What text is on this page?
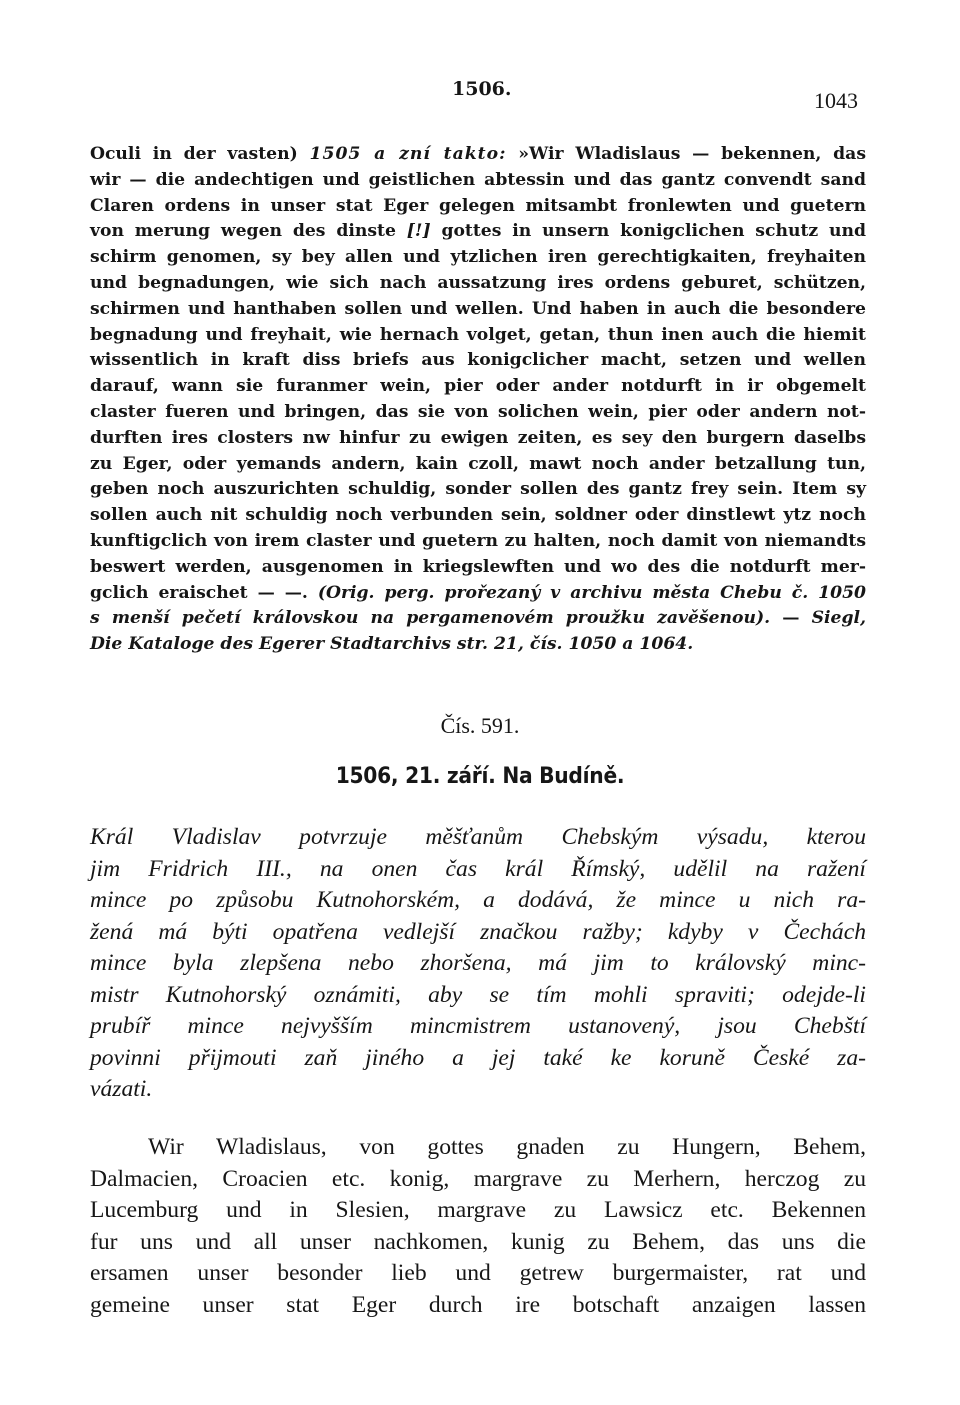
1506.	1043
Oculi in der vasten) 1505 a zní takto: »Wir Wladislaus — bekennen, das
wir — die andechtigen und geistlichen abtessin und das gantz convendt sand
Claren ordens in unser stat Eger gelegen mitsambt fronlewten und guetern
von merung wegen des dinste [!] gottes in unsern konigclichen schutz und
schirm genomen, sy bey allen und ytzlichen iren gerechtigkaiten, freyhaiten
und begnadungen, wie sich nach aussatzung ires ordens geburet, schützen,
schirmen und hanthaben sollen und wellen. Und haben in auch die besondere
begnadung und freyhait, wie hernach volget, getan, thun inen auch die hiemit
wissentlich in kraft diss briefs aus konigclicher macht, setzen und wellen
darauf, wann sie furanmer wein, pier oder ander notdurft in ir obgemelt
claster fueren und bringen, das sie von solichen wein, pier oder andern not-
durften ires closters nw hinfur zu ewigen zeiten, es sey den burgern daselbs
zu Eger, oder yemands andern, kain czoll, mawt noch ander betzallung tun,
geben noch auszurichten schuldig, sonder sollen des gantz frey sein. Item sy
sollen auch nit schuldig noch verbunden sein, soldner oder dinstlewt ytz noch
kunftigclich von irem claster und guetern zu halten, noch damit von niemandts
beswert werden, ausgenomen in kriegslewften und wo des die notdurft mer-
gclich eraischet — —. (Orig. perg. prořezaný v archivu města Chebu č. 1050
s menší pečetí královskou na pergamenovém proužku zavěšenou). — Siegl,
Die Kataloge des Egerer Stadtarchivs str. 21, čís. 1050 a 1064.
Čís. 591.
1506, 21. září. Na Budíně.
Král Vladislav potvrzuje měšťanům Chebským výsadu, kterou
jim Fridrich III., na onen čas král Římský, udělil na ražení
mince po způsobu Kutnohorském, a dodává, že mince u nich ra-
žená má býti opatřena vedlejší značkou ražby; kdyby v Čechách
mince byla zlepšena nebo zhoršena, má jim to královský minc-
mistr Kutnohorský oznámiti, aby se tím mohli spraviti; odejde-li
prubíř mince nejvyšším mincmistrem ustanovený, jsou Chebští
povinni přijmouti zaň jiného a jej také ke koruně České za-
vázati.
Wir Wladislaus, von gottes gnaden zu Hungern, Behem,
Dalmacien, Croacien etc. konig, margrave zu Merhern, herczog zu
Lucemburg und in Slesien, margrave zu Lawsicz etc. Bekennen
fur uns und all unser nachkomen, kunig zu Behem, das uns die
ersamen unser besonder lieb und getrew burgermaister, rat und
gemeine unser stat Eger durch ire botschaft anzaigen lassen
